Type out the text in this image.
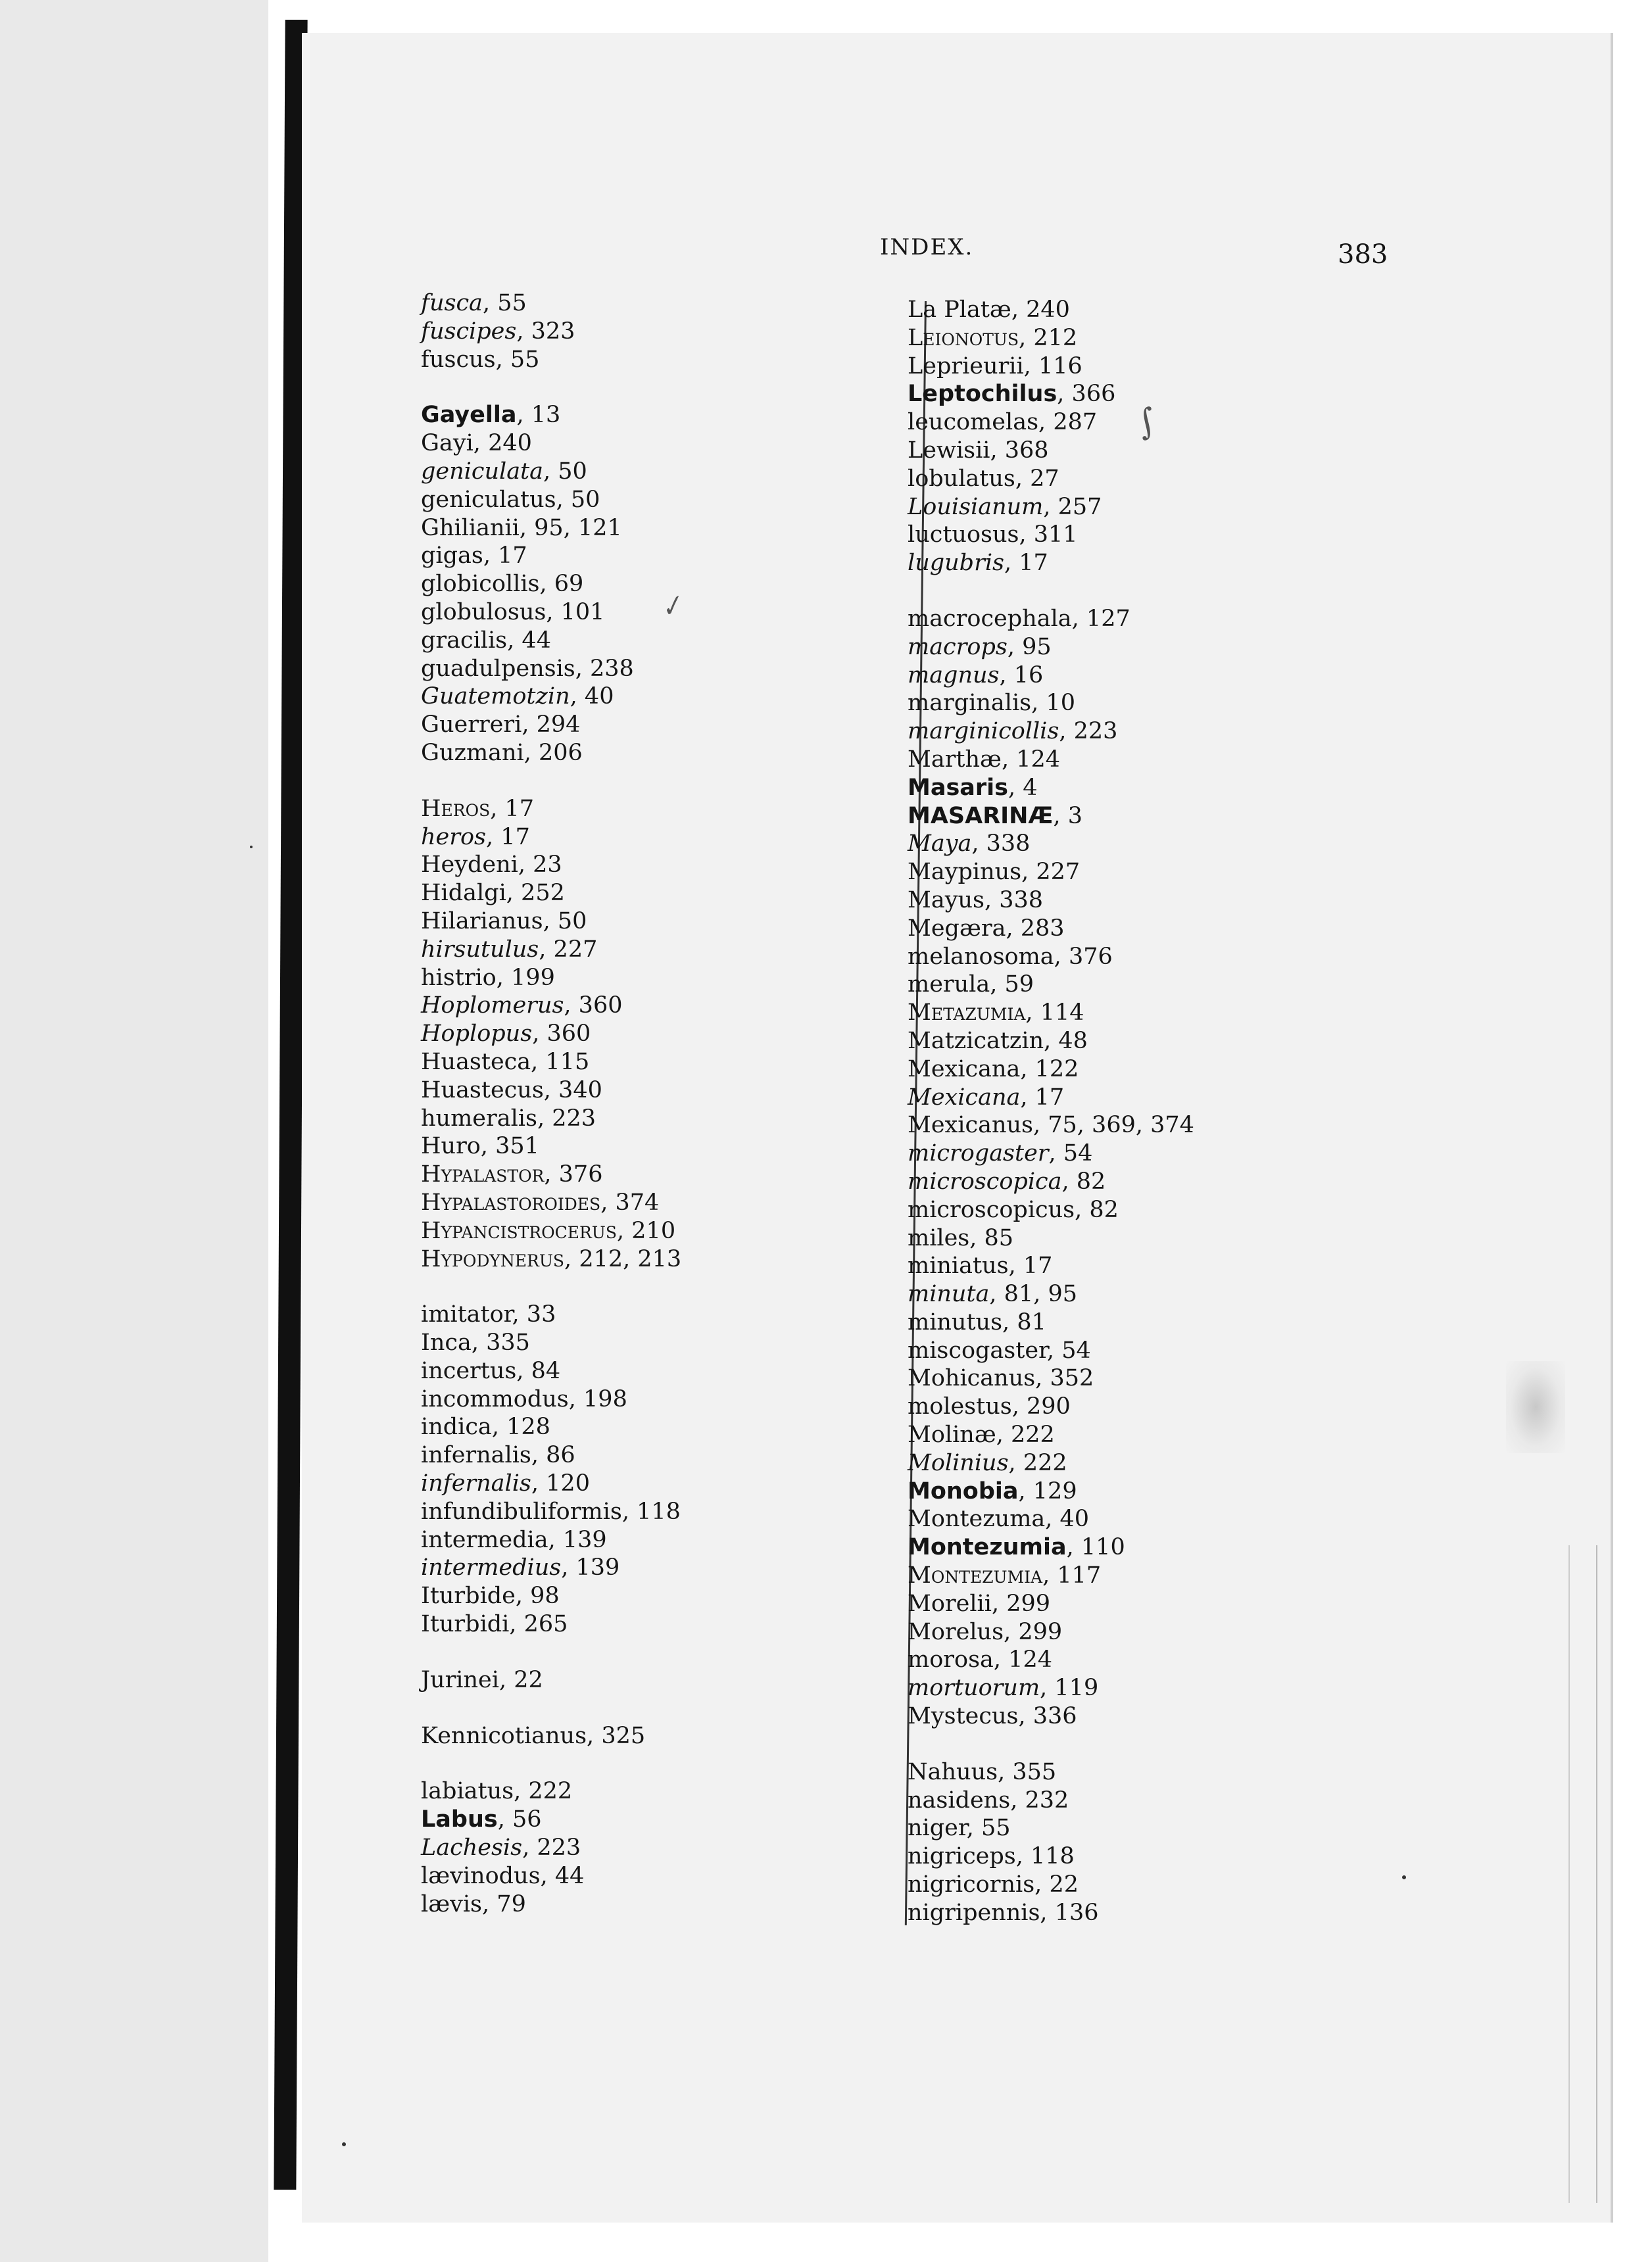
INDEX.	383
fusca, 55
fuscipes, 323
fuscus, 55
Gayella, 13
Gayi, 240
geniculata, 50
geniculatus, 50
Ghilianii, 95, 121
gigas, 17
globicollis, 69
globulosus, 101
gracilis, 44
guadulpensis, 238
Guatemotzin, 40
Guerreri, 294
Guzmani, 206
Heros, 17
heros, 17
Heydeni, 23
Hidalgi, 252
Hilarianus, 50
hirsutulus, 227
histrio, 199
Hoplomerus, 360
Hoplopus, 360
Huasteca, 115
Huastecus, 340
humeralis, 223
Huro, 351
Hypalastor, 376
Hypalastoroides, 374
Hypancistrocerus, 210
Hypodynerus, 212, 213
imitator, 33
Inca, 335
incertus, 84
incommodus, 198
indica, 128
infernalis, 86
infernalis, 120
infundibuliformis, 118
intermedia, 139
intermedius, 139
Iturbide, 98
Iturbidi, 265
Jurinei, 22
Kennicotianus, 325
labiatus, 222
Labus, 56
Lachesis, 223
lævinodus, 44
lævis, 79
La Platæ, 240
Leionotus, 212
Leprieurii, 116
Leptochilus, 366
leucomelas, 287
Lewisii, 368
lobulatus, 27
Louisianum, 257
luctuosus, 311
lugubris, 17
macrocephala, 127
macrops, 95
magnus, 16
marginalis, 10
marginicollis, 223
Marthæ, 124
Masaris, 4
MASARINÆ, 3
Maya, 338
Maypinus, 227
Mayus, 338
Megæra, 283
melanosoma, 376
merula, 59
Metazumia, 114
Matzicatzin, 48
Mexicana, 122
Mexicana, 17
Mexicanus, 75, 369, 374
microgaster, 54
microscopica, 82
microscopicus, 82
miles, 85
miniatus, 17
minuta, 81, 95
minutus, 81
miscogaster, 54
Mohicanus, 352
molestus, 290
Molinæ, 222
Molinius, 222
Monobia, 129
Montezuma, 40
Montezumia, 110
Montezumia, 117
Morelii, 299
Morelus, 299
morosa, 124
mortuorum, 119
Mystecus, 336
Nahuus, 355
nasidens, 232
niger, 55
nigriceps, 118
nigricornis, 22
nigripennis, 136
✓
∫
